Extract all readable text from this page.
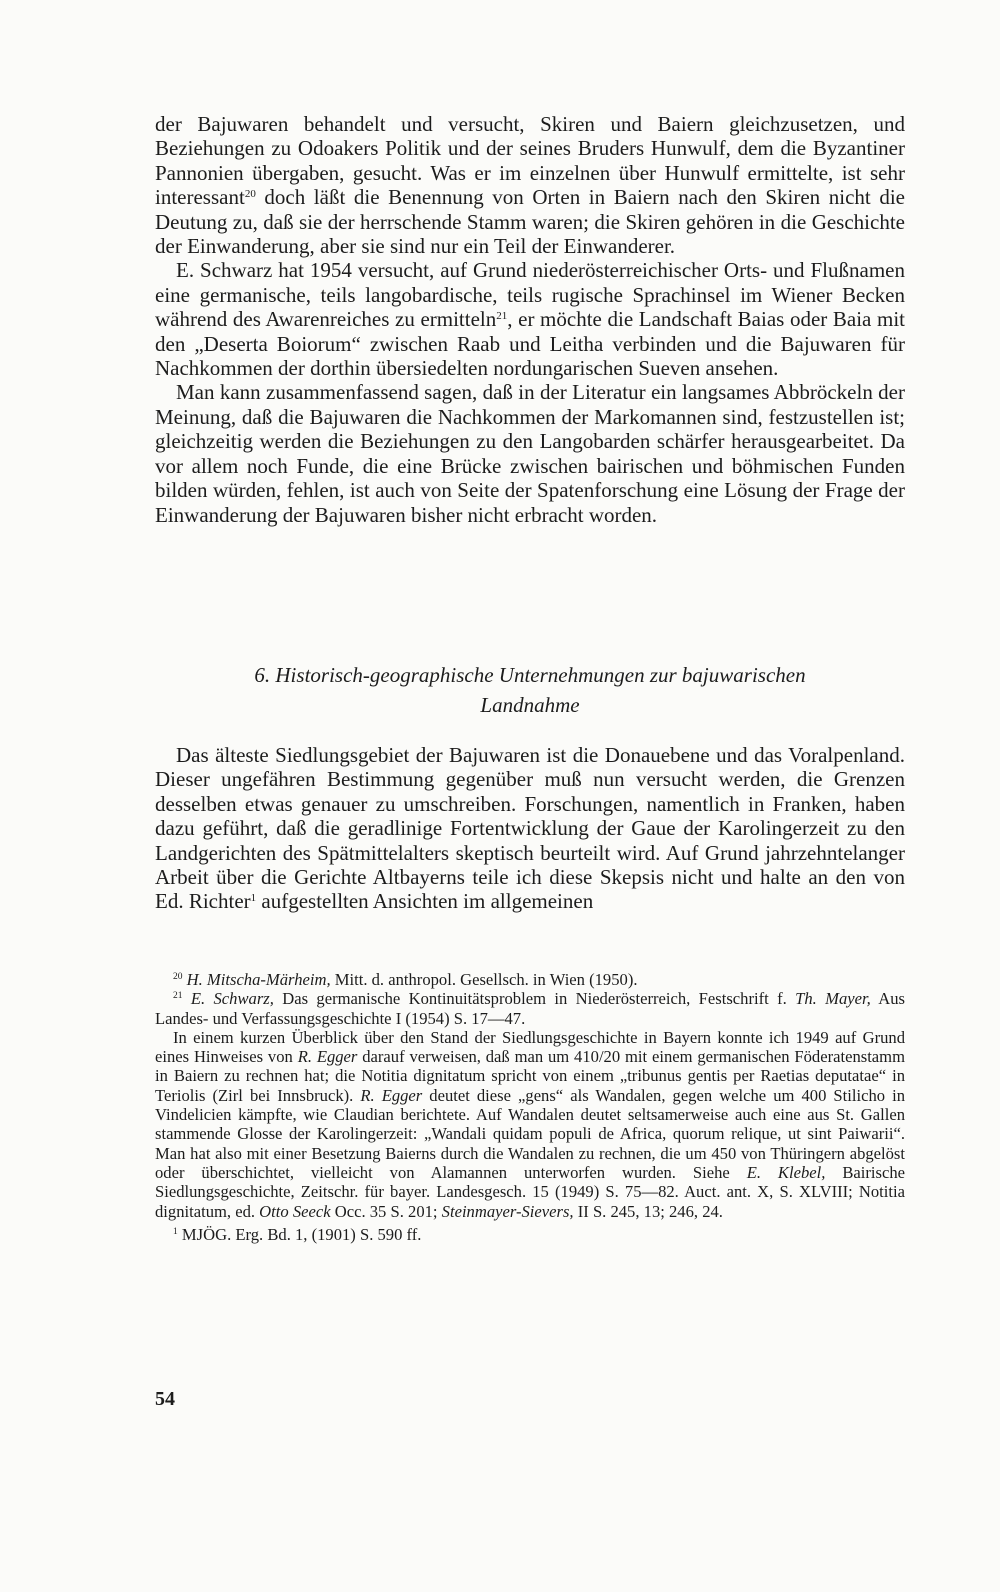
der Bajuwaren behandelt und versucht, Skiren und Baiern gleichzusetzen, und Beziehungen zu Odoakers Politik und der seines Bruders Hunwulf, dem die Byzantiner Pannonien übergaben, gesucht. Was er im einzelnen über Hunwulf ermittelte, ist sehr interessant$^{20}$ doch läßt die Benennung von Orten in Baiern nach den Skiren nicht die Deutung zu, daß sie der herrschende Stamm waren; die Skiren gehören in die Geschichte der Einwanderung, aber sie sind nur ein Teil der Einwanderer.

E. Schwarz hat 1954 versucht, auf Grund niederösterreichischer Orts- und Flußnamen eine germanische, teils langobardische, teils rugische Sprachinsel im Wiener Becken während des Awarenreiches zu ermitteln$^{21}$, er möchte die Landschaft Baias oder Baia mit den „Deserta Boiorum“ zwischen Raab und Leitha verbinden und die Bajuwaren für Nachkommen der dorthin übersiedelten nordungarischen Sueven ansehen.

Man kann zusammenfassend sagen, daß in der Literatur ein langsames Abbröckeln der Meinung, daß die Bajuwaren die Nachkommen der Markomannen sind, festzustellen ist; gleichzeitig werden die Beziehungen zu den Langobarden schärfer herausgearbeitet. Da vor allem noch Funde, die eine Brücke zwischen bairischen und böhmischen Funden bilden würden, fehlen, ist auch von Seite der Spatenforschung eine Lösung der Frage der Einwanderung der Bajuwaren bisher nicht erbracht worden.

6. Historisch-geographische Unternehmungen zur bajuwarischen
Landnahme

Das älteste Siedlungsgebiet der Bajuwaren ist die Donauebene und das Voralpenland. Dieser ungefähren Bestimmung gegenüber muß nun versucht werden, die Grenzen desselben etwas genauer zu umschreiben. Forschungen, namentlich in Franken, haben dazu geführt, daß die geradlinige Fortentwicklung der Gaue der Karolingerzeit zu den Landgerichten des Spätmittelalters skeptisch beurteilt wird. Auf Grund jahrzehntelanger Arbeit über die Gerichte Altbayerns teile ich diese Skepsis nicht und halte an den von Ed. Richter$^1$ aufgestellten Ansichten im allgemeinen

$^{20}$ H. Mitscha-Märheim, Mitt. d. anthropol. Gesellsch. in Wien (1950).

$^{21}$ E. Schwarz, Das germanische Kontinuitätsproblem in Niederösterreich, Festschrift f. Th. Mayer, Aus Landes- und Verfassungsgeschichte I (1954) S. 17—47.

In einem kurzen Überblick über den Stand der Siedlungsgeschichte in Bayern konnte ich 1949 auf Grund eines Hinweises von R. Egger darauf verweisen, daß man um 410/20 mit einem germanischen Föderatenstamm in Baiern zu rechnen hat; die Notitia dignitatum spricht von einem „tribunus gentis per Raetias deputatae“ in Teriolis (Zirl bei Innsbruck). R. Egger deutet diese „gens“ als Wandalen, gegen welche um 400 Stilicho in Vindelicien kämpfte, wie Claudian berichtete. Auf Wandalen deutet seltsamerweise auch eine aus St. Gallen stammende Glosse der Karolingerzeit: „Wandali quidam populi de Africa, quorum relique, ut sint Paiwarii“. Man hat also mit einer Besetzung Baierns durch die Wandalen zu rechnen, die um 450 von Thüringern abgelöst oder überschichtet, vielleicht von Alamannen unterworfen wurden. Siehe E. Klebel, Bairische Siedlungsgeschichte, Zeitschr. für bayer. Landesgesch. 15 (1949) S. 75—82. Auct. ant. X, S. XLVIII; Notitia dignitatum, ed. Otto Seeck Occ. 35 S. 201; Steinmayer-Sievers, II S. 245, 13; 246, 24.

$^1$ MJÖG. Erg. Bd. 1, (1901) S. 590 ff.

54
